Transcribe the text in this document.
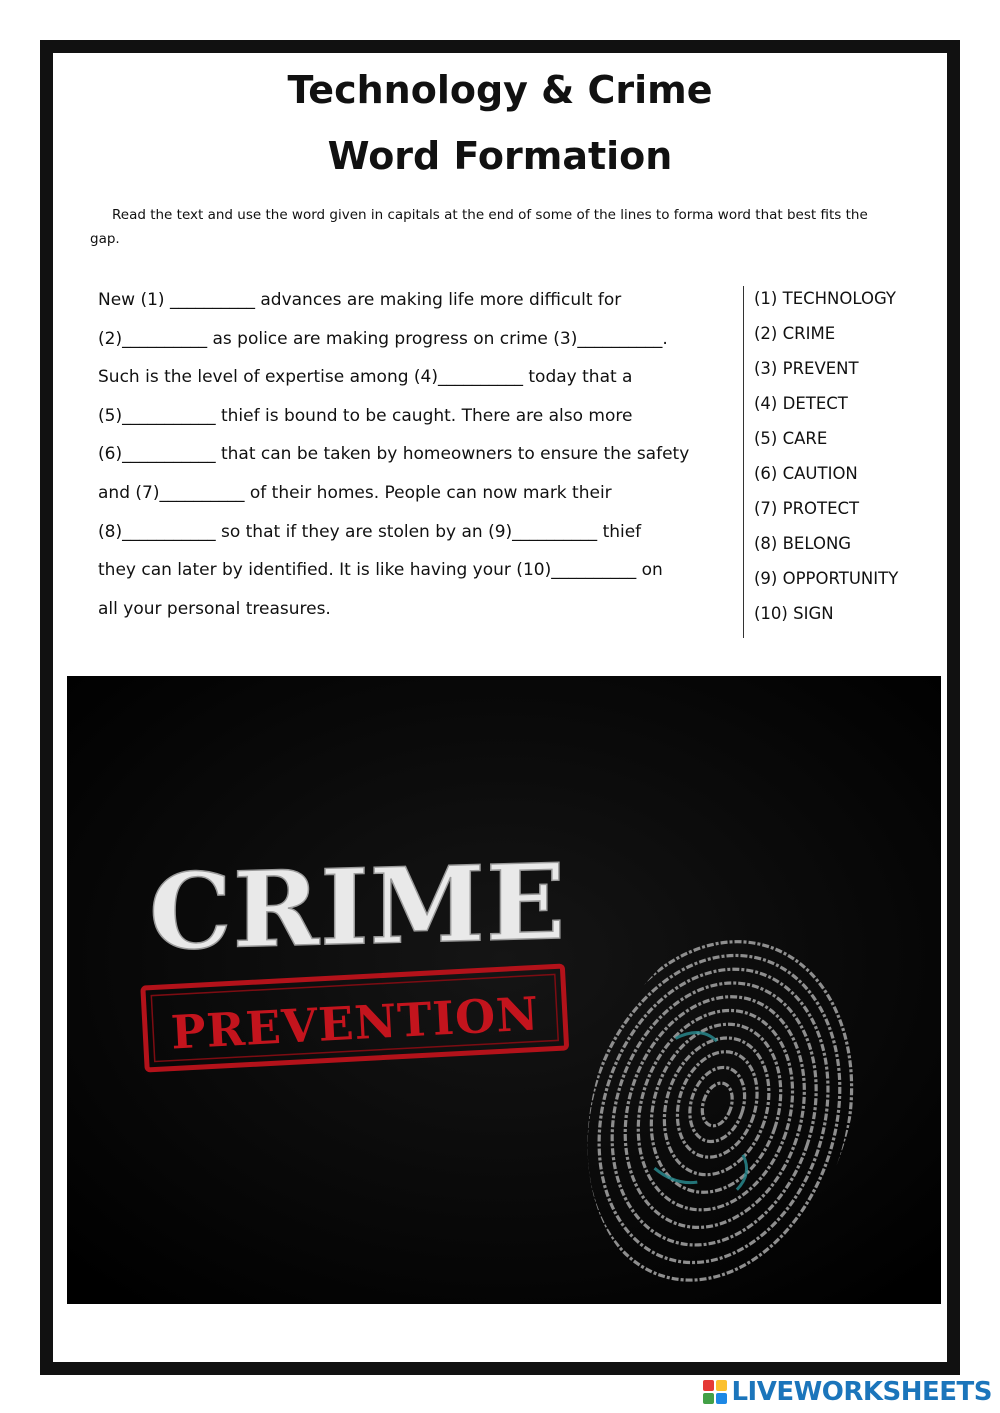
Technology & Crime
Word Formation
Read the text and use the word given in capitals at the end of some of the lines to forma word that best fits the gap.
New (1) __________ advances are making life more difficult for
(2)__________ as police are making progress on crime (3)__________.
Such is the level of expertise among (4)__________ today that a
(5)___________ thief is bound to be caught. There are also more
(6)___________ that can be taken by homeowners to ensure the safety
and (7)__________ of their homes. People can now mark their
(8)___________ so that if they are stolen by an (9)__________ thief
they can later by identified. It is like having your (10)__________ on
all your personal treasures.
(1) TECHNOLOGY
(2) CRIME
(3) PREVENT
(4) DETECT
(5) CARE
(6) CAUTION
(7) PROTECT
(8) BELONG
(9) OPPORTUNITY
(10) SIGN
CRIME
PREVENTION
LIVEWORKSHEETS
